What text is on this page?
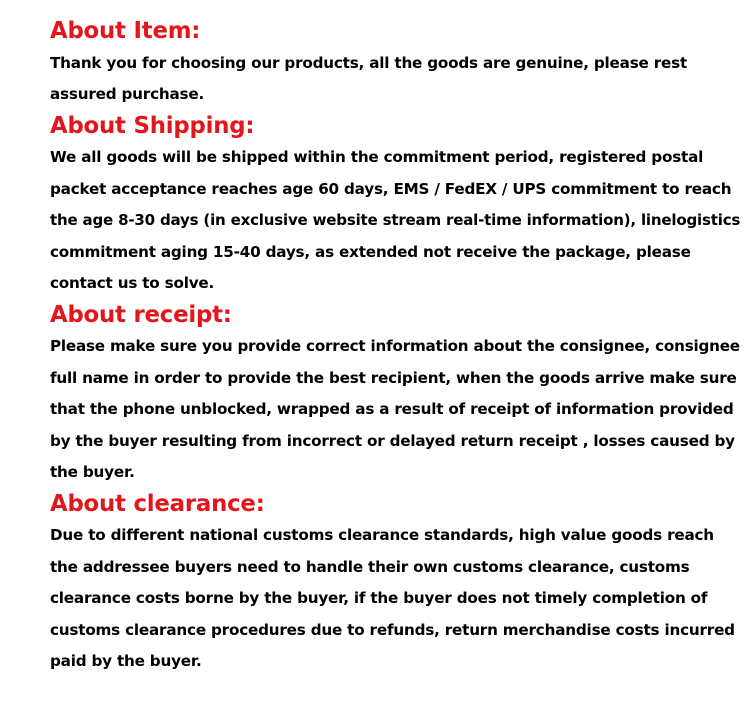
About Item:

Thank you for choosing our products, all the goods are genuine, please rest
assured purchase.

About Shipping:

We all goods will be shipped within the commitment period, registered postal
packet acceptance reaches age 60 days, EMS / FedEX / UPS commitment to reach
the age 8-30 days (in exclusive website stream real-time information), linelogistics
commitment aging 15-40 days, as extended not receive the package, please
contact us to solve.

About receipt:

Please make sure you provide correct information about the consignee, consignee
full name in order to provide the best recipient, when the goods arrive make sure
that the phone unblocked, wrapped as a result of receipt of information provided
by the buyer resulting from incorrect or delayed return receipt , losses caused by
the buyer.

About clearance:

Due to different national customs clearance standards, high value goods reach
the addressee buyers need to handle their own customs clearance, customs
clearance costs borne by the buyer, if the buyer does not timely completion of
customs clearance procedures due to refunds, return merchandise costs incurred
paid by the buyer.
